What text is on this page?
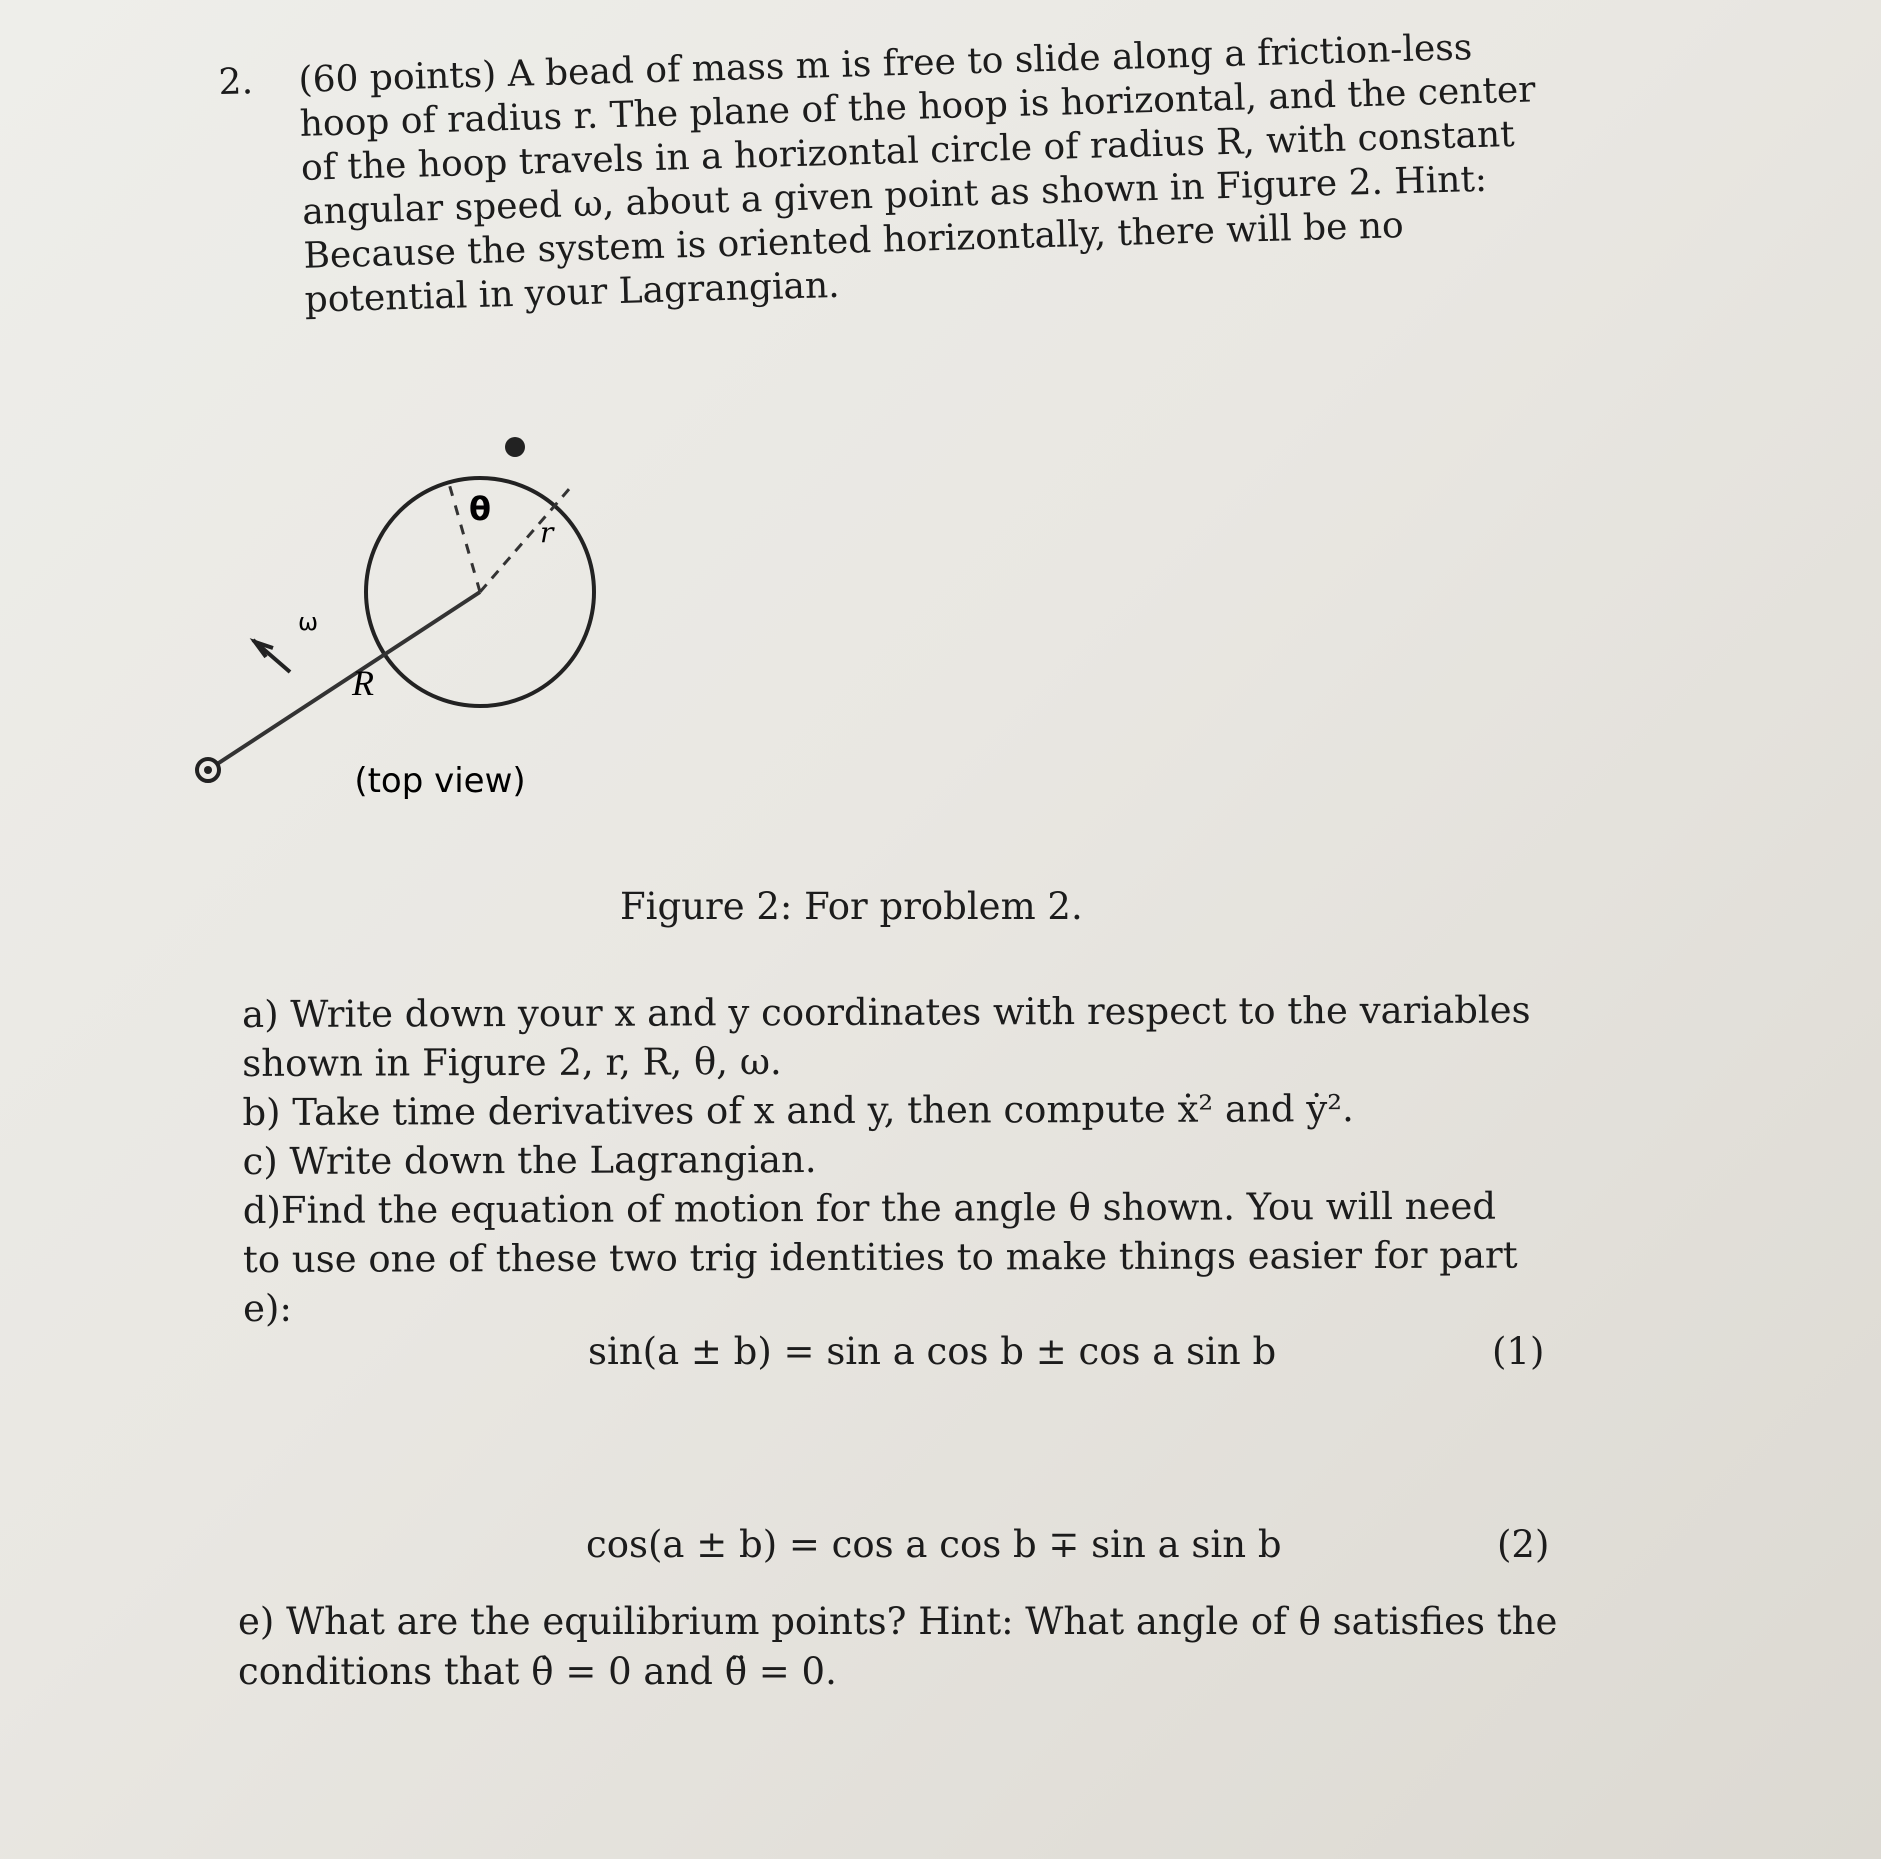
2. (60 points) A bead of mass m is free to slide along a friction-less hoop of radius r. The plane of the hoop is horizontal, and the center of the hoop travels in a horizontal circle of radius R, with constant angular speed ω, about a given point as shown in Figure 2. Hint: Because the system is oriented horizontally, there will be no potential in your Lagrangian.

θ
r
ω
R
(top view)
Figure 2: For problem 2.

a) Write down your x and y coordinates with respect to the variables shown in Figure 2, r, R, θ, ω.

b) Take time derivatives of x and y, then compute ẋ² and ẏ².

c) Write down the Lagrangian.

d)Find the equation of motion for the angle θ shown. You will need to use one of these two trig identities to make things easier for part e):

sin(a ± b) = sin a cos b ± cos a sin b	(1)
cos(a ± b) = cos a cos b ∓ sin a sin b	(2)

e) What are the equilibrium points? Hint: What angle of θ satisfies the conditions that θ̇ = 0 and θ̈ = 0.
